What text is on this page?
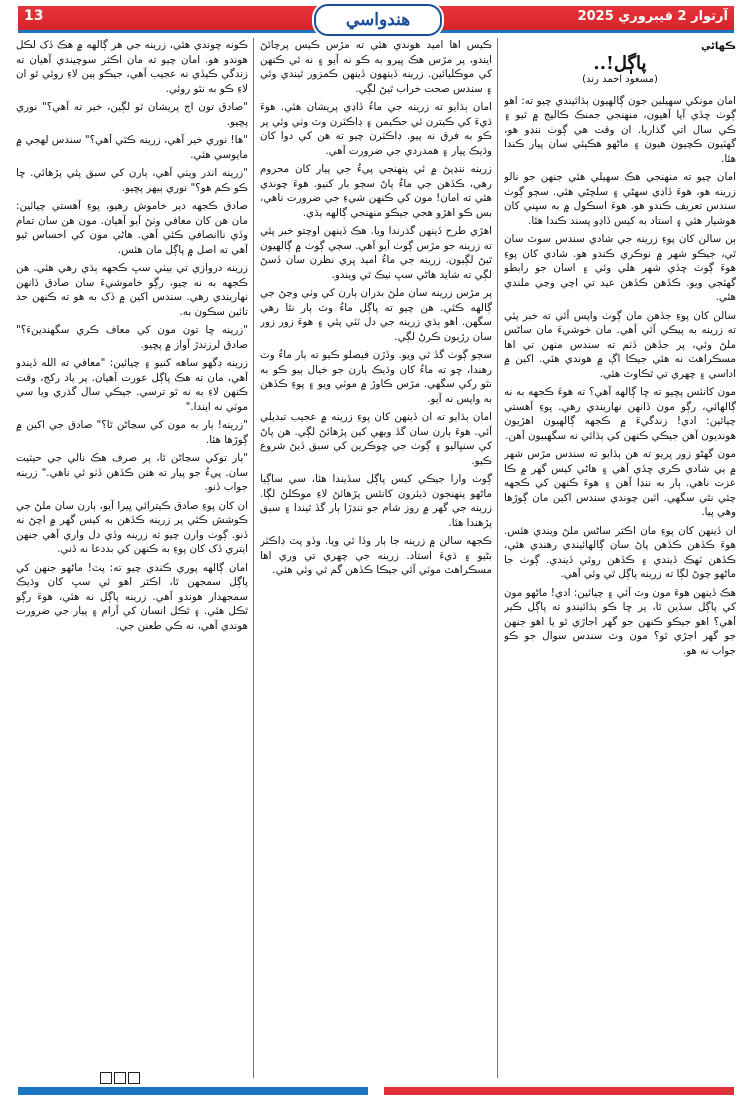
13	هندواسي	آرتوار 2 فيبروري 2025
ڪهاڻي
پاڳل!..
(مسعود احمد رند)

امان مونکي سهيلين جون ڳالهيون ٻڌائيندي چيو ته: اهو ڳوٺ ڇڏي آيا آهيون، منهنجي جمنڪ ڪاليج ۾ ٿيو ۽ ڪي سال اتي گذاريا. ان وقت هي ڳوٺ ننڍو هو، گهٽيون ڪچيون هيون ۽ ماڻهو هڪٻئي سان پيار ڪندا هئا.

امان چيو ته منهنجي هڪ سهيلي هئي جنهن جو نالو زرينه هو، هوءَ ڏاڍي سهڻي ۽ سلڇڻي هئي. سڄو ڳوٺ سندس تعريف ڪندو هو. هوءَ اسڪول ۾ به سڀني کان هوشيار هئي ۽ استاد به کيس ڏاڍو پسند ڪندا هئا.

ٻن سالن کان پوءِ زرينه جي شادي سندس سوٽ سان ٿي، جيڪو شهر ۾ نوڪري ڪندو هو. شادي کان پوءِ هوءَ ڳوٺ ڇڏي شهر هلي وئي ۽ اسان جو رابطو گهٽجي ويو. ڪڏهن ڪڏهن عيد تي اچي وڃي ملندي هئي.

سالن کان پوءِ جڏهن مان ڳوٺ واپس آئي ته خبر پئي ته زرينه به پيڪي آئي آهي. مان خوشيءَ مان ساڻس ملڻ وئي، پر جڏهن ڏٺم ته سندس منهن تي اها مسڪراهٽ نه هئي جيڪا اڳ ۾ هوندي هئي. اکين ۾ اداسي ۽ چهري تي ٿڪاوٽ هئي.

مون کانئس پڇيو ته ڇا ڳالهه آهي؟ ته هوءَ ڪجهه به نه ڳالهائي، رڳو مون ڏانهن نهاريندي رهي. پوءِ آهستي چيائين: ادي! زندگيءَ ۾ ڪجهه ڳالهيون اهڙيون هونديون آهن جيڪي ڪنهن کي ٻڌائي نه سگهبيون آهن.

مون گهڻو زور ڀريو ته هن ٻڌايو ته سندس مڙس شهر ۾ ٻي شادي ڪري ڇڏي آهي ۽ هاڻي کيس گهر ۾ ڪا عزت ناهي. ٻار به ننڍا آهن ۽ هوءَ ڪنهن کي ڪجهه چئي نٿي سگهي. ائين چوندي سندس اکين مان ڳوڙها وهي پيا.

ان ڏينهن کان پوءِ مان اڪثر ساڻس ملڻ ويندي هئس. هوءَ ڪڏهن ڪڏهن پاڻ سان ڳالهائيندي رهندي هئي، ڪڏهن ٽهڪ ڏيندي ۽ ڪڏهن روئي ڏيندي. ڳوٺ جا ماڻهو چوڻ لڳا ته زرينه پاڳل ٿي وئي آهي.

هڪ ڏينهن هوءَ مون وٽ آئي ۽ چيائين: ادي! ماڻهو مون کي پاڳل سڏين ٿا، پر ڇا ڪو ٻڌائيندو ته پاڳل ڪير آهي؟ اهو جيڪو ڪنهن جو گهر اجاڙي ٿو يا اهو جنهن جو گهر اجڙي ٿو؟ مون وٽ سندس سوال جو ڪو جواب نه هو.

ڪيس اها اميد هوندي هئي ته مڙس ڪيس پرچائڻ ايندو، پر مڙس هڪ ڀيرو به ڪو نه آيو ۽ نه ئي ڪنهن کي موڪليائين. زرينه ڏينهون ڏينهن ڪمزور ٿيندي وئي ۽ سندس صحت خراب ٿيڻ لڳي.

امان ٻڌايو ته زرينه جي ماءُ ڏاڍي پريشان هئي. هوءَ ڌيءَ کي ڪيترن ئي حڪيمن ۽ ڊاڪٽرن وٽ وٺي وئي پر ڪو به فرق نه پيو. ڊاڪٽرن چيو ته هن کي دوا کان وڌيڪ پيار ۽ همدردي جي ضرورت آهي.

زرينه ننڍپڻ ۾ ئي پنهنجي پيءُ جي پيار کان محروم رهي، ڪڏهن جي ماءُ پاڻ سڄو بار کنيو. هوءَ چوندي هئي ته امان! مون کي ڪنهن شيءِ جي ضرورت ناهي، بس ڪو اهڙو هجي جيڪو منهنجي ڳالهه ٻڌي.

اهڙي طرح ڏينهن گذرندا ويا. هڪ ڏينهن اوچتو خبر پئي ته زرينه جو مڙس ڳوٺ آيو آهي. سڄي ڳوٺ ۾ ڳالهيون ٿيڻ لڳيون. زرينه جي ماءُ اميد ڀري نظرن سان ڏسڻ لڳي ته شايد هاڻي سڀ ٺيڪ ٿي ويندو.

پر مڙس زرينه سان ملڻ بدران ٻارن کي وٺي وڃڻ جي ڳالهه ڪئي. هن چيو ته پاڳل ماءُ وٽ ٻار نٿا رهي سگهن. اهو ٻڌي زرينه جي دل ٽٽي پئي ۽ هوءَ زور زور سان رڙيون ڪرڻ لڳي.

سڄو ڳوٺ گڏ ٿي ويو. وڏڙن فيصلو ڪيو ته ٻار ماءُ وٽ رهندا، ڇو ته ماءُ کان وڌيڪ ٻارن جو خيال ٻيو ڪو به نٿو رکي سگهي. مڙس ڪاوڙ ۾ موٽي ويو ۽ پوءِ ڪڏهن به واپس نه آيو.

امان ٻڌايو ته ان ڏينهن کان پوءِ زرينه ۾ عجيب تبديلي آئي. هوءَ ٻارن سان گڏ ويهي کين پڙهائڻ لڳي. هن پاڻ کي سنڀاليو ۽ ڳوٺ جي ڇوڪرين کي سبق ڏيڻ شروع ڪيو.

ڳوٺ وارا جيڪي کيس پاڳل سڏيندا هئا، سي ساڳيا ماڻهو پنهنجون ڌيئرون کانئس پڙهائڻ لاءِ موڪلڻ لڳا. زرينه جي گهر ۾ روز شام جو ننڍڙا ٻار گڏ ٿيندا ۽ سبق پڙهندا هئا.

ڪجهه سالن ۾ زرينه جا ٻار وڏا ٿي ويا. وڏو پٽ ڊاڪٽر بڻيو ۽ ڌيءَ استاد. زرينه جي چهري تي وري اها مسڪراهٽ موٽي آئي جيڪا ڪڏهن گم ٿي وئي هئي.

ڪونه چوندي هئي، زرينه جي هر ڳالهه ۾ هڪ ڏک لڪل هوندو هو. امان چيو ته مان اڪثر سوچيندي آهيان ته زندگي ڪيڏي نه عجيب آهي، جيڪو ٻين لاءِ روئي ٿو ان لاءِ ڪو به نٿو روئي.

"صادق تون اڄ پريشان ٿو لڳين، خير ته آهي؟" نوري پڇيو.

"ها! نوري خير آهي، زرينه ڪٿي آهي؟" سندس لهجي ۾ مايوسي هئي.

"زرينه اندر ويٺي آهي، ٻارن کي سبق پئي پڙهائي. ڇا ڪو ڪم هو؟" نوري ٻيهر پڇيو.

صادق ڪجهه دير خاموش رهيو، پوءِ آهستي چيائين: مان هن کان معافي وٺڻ آيو آهيان. مون هن سان تمام وڏي ناانصافي ڪئي آهي. هاڻي مون کي احساس ٿيو آهي ته اصل ۾ پاڳل مان هئس.

زرينه دروازي تي بيٺي سڀ ڪجهه ٻڌي رهي هئي. هن ڪجهه به نه چيو، رڳو خاموشيءَ سان صادق ڏانهن نهاريندي رهي. سندس اکين ۾ ڏک به هو ته ڪنهن حد تائين سڪون به.

"زرينه ڇا تون مون کي معاف ڪري سگهندينءَ؟" صادق لرزندڙ آواز ۾ پڇيو.

زرينه ڊگهو ساهه کنيو ۽ چيائين: "معافي ته الله ڏيندو آهي، مان ته هڪ پاڳل عورت آهيان. پر ياد رکج، وقت ڪنهن لاءِ به نه ٿو ترسي. جيڪي سال گذري ويا سي موٽي نه ايندا."

"زرينه! ٻار به مون کي سڃاڻن ٿا؟" صادق جي اکين ۾ ڳوڙها هئا.

"ٻار توکي سڃاڻن ٿا، پر صرف هڪ نالي جي حيثيت سان. پيءُ جو پيار ته هنن ڪڏهن ڏٺو ئي ناهي." زرينه جواب ڏنو.

ان کان پوءِ صادق ڪيترائي ڀيرا آيو، ٻارن سان ملڻ جي ڪوشش ڪئي پر زرينه ڪڏهن به کيس گهر ۾ اچڻ نه ڏنو. ڳوٺ وارن چيو ته زرينه وڏي دل واري آهي جنهن ايتري ڏک کان پوءِ به ڪنهن کي بددعا نه ڏني.

امان ڳالهه پوري ڪندي چيو ته: پٽ! ماڻهو جنهن کي پاڳل سمجهن ٿا، اڪثر اهو ئي سڀ کان وڌيڪ سمجهدار هوندو آهي. زرينه پاڳل نه هئي، هوءَ رڳو ٿڪل هئي. ۽ ٿڪل انسان کي آرام ۽ پيار جي ضرورت هوندي آهي، نه ڪي طعنن جي.
